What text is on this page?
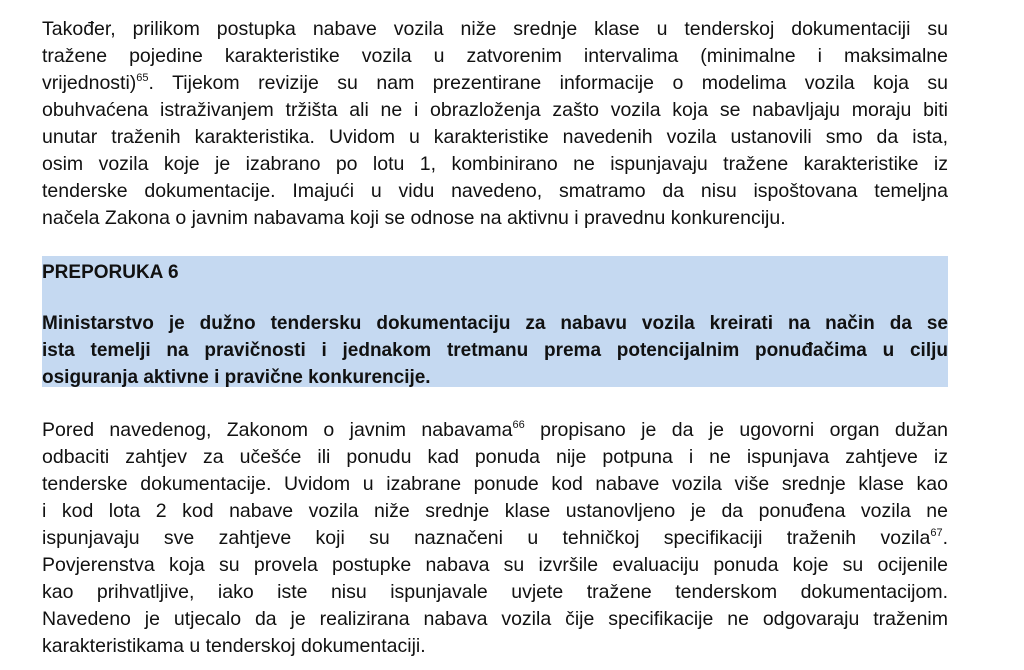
Također, prilikom postupka nabave vozila niže srednje klase u tenderskoj dokumentaciji su
tražene pojedine karakteristike vozila u zatvorenim intervalima (minimalne i maksimalne
vrijednosti)$^{65}$. Tijekom revizije su nam prezentirane informacije o modelima vozila koja su
obuhvaćena istraživanjem tržišta ali ne i obrazloženja zašto vozila koja se nabavljaju moraju biti
unutar traženih karakteristika. Uvidom u karakteristike navedenih vozila ustanovili smo da ista,
osim vozila koje je izabrano po lotu 1, kombinirano ne ispunjavaju tražene karakteristike iz
tenderske dokumentacije. Imajući u vidu navedeno, smatramo da nisu ispoštovana temeljna
načela Zakona o javnim nabavama koji se odnose na aktivnu i pravednu konkurenciju.
PREPORUKA 6
Ministarstvo je dužno tendersku dokumentaciju za nabavu vozila kreirati na način da se
ista temelji na pravičnosti i jednakom tretmanu prema potencijalnim ponuđačima u cilju
osiguranja aktivne i pravične konkurencije.
Pored navedenog, Zakonom o javnim nabavama$^{66}$ propisano je da je ugovorni organ dužan
odbaciti zahtjev za učešće ili ponudu kad ponuda nije potpuna i ne ispunjava zahtjeve iz
tenderske dokumentacije. Uvidom u izabrane ponude kod nabave vozila više srednje klase kao
i kod lota 2 kod nabave vozila niže srednje klase ustanovljeno je da ponuđena vozila ne
ispunjavaju sve zahtjeve koji su naznačeni u tehničkoj specifikaciji traženih vozila$^{67}$.
Povjerenstva koja su provela postupke nabava su izvršile evaluaciju ponuda koje su ocijenile
kao prihvatljive, iako iste nisu ispunjavale uvjete tražene tenderskom dokumentacijom.
Navedeno je utjecalo da je realizirana nabava vozila čije specifikacije ne odgovaraju traženim
karakteristikama u tenderskoj dokumentaciji.
